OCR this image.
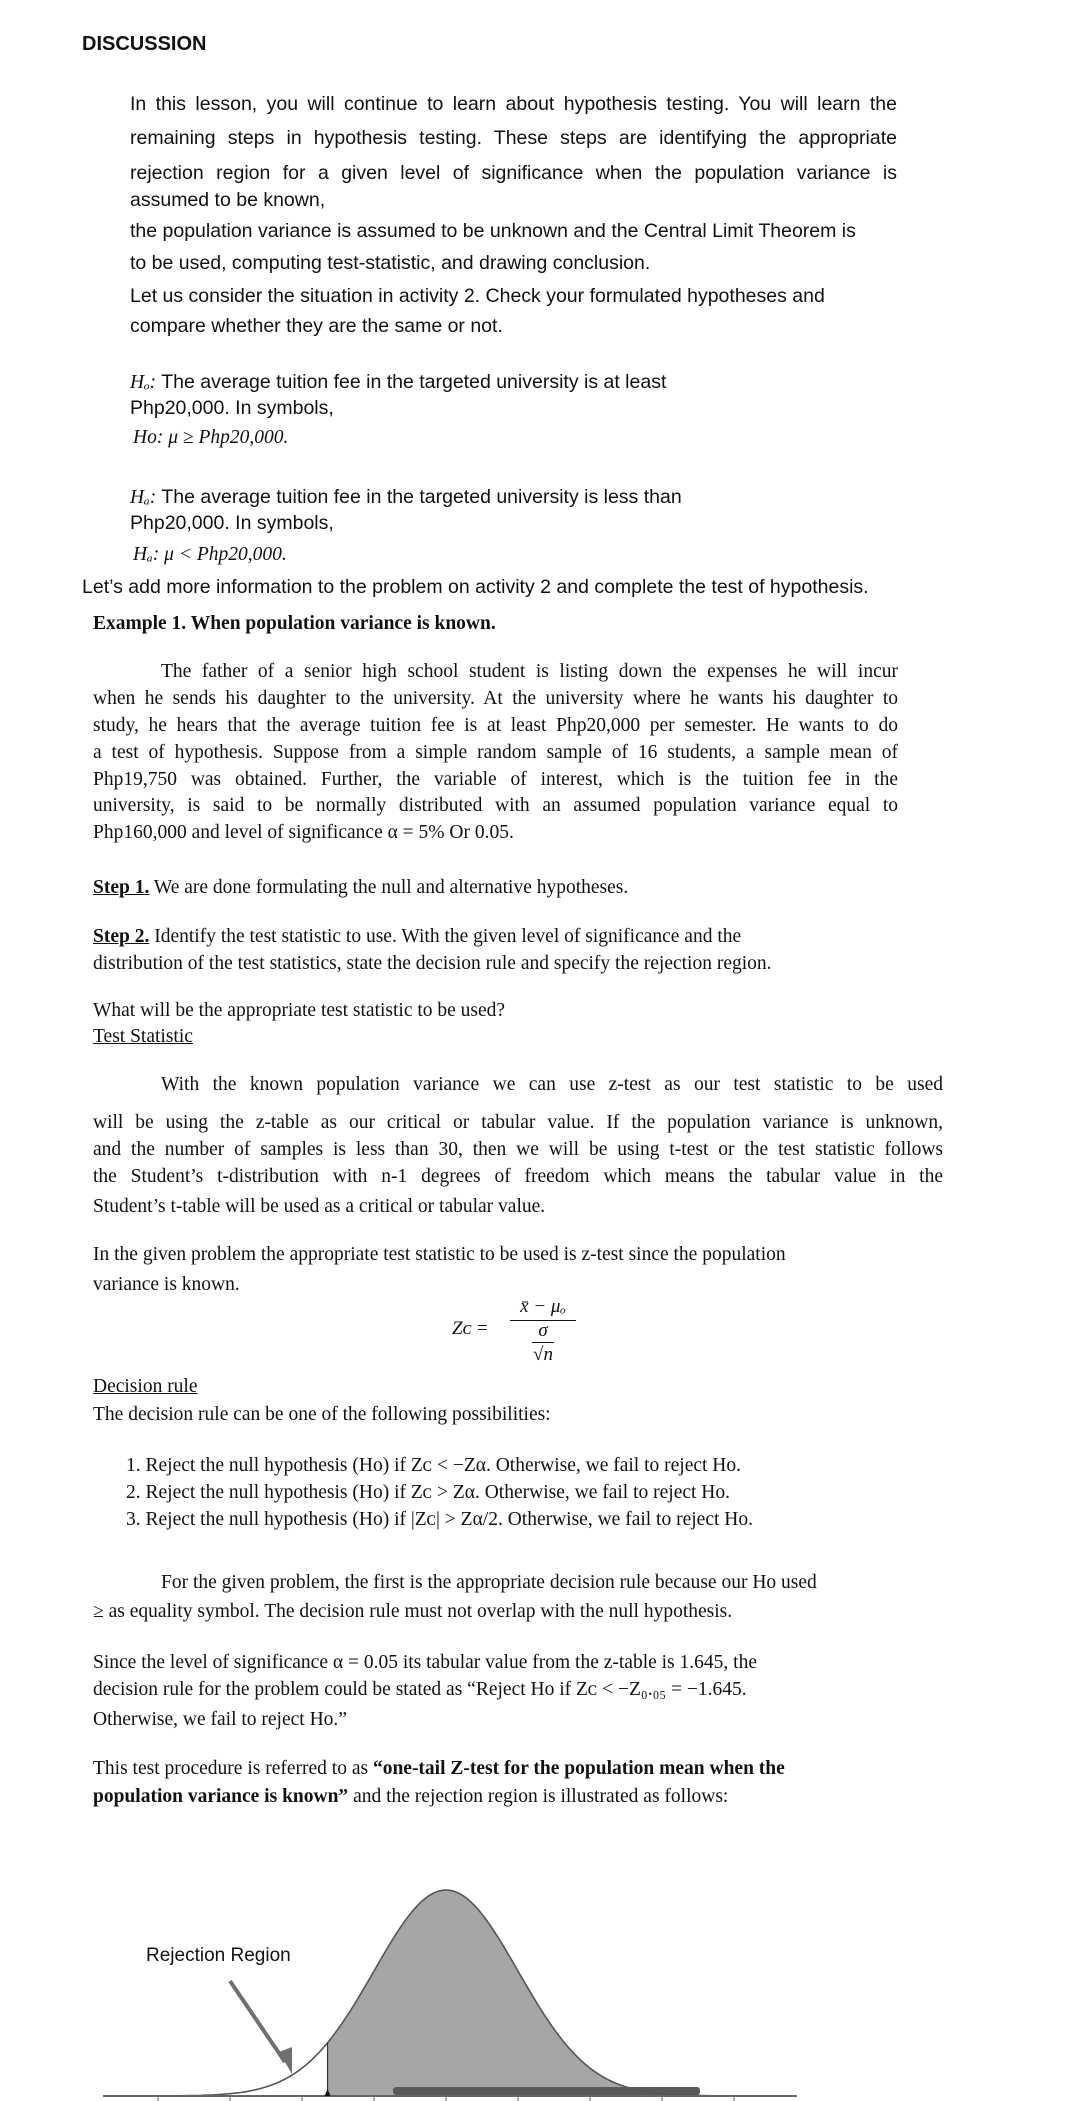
DISCUSSION
In this lesson, you will continue to learn about hypothesis testing. You will learn the
remaining steps in hypothesis testing. These steps are identifying the appropriate
rejection region for a given level of significance when the population variance is
assumed to be known,
the population variance is assumed to be unknown and the Central Limit Theorem is
to be used, computing test-statistic, and drawing conclusion.
Let us consider the situation in activity 2. Check your formulated hypotheses and
compare whether they are the same or not.
Hₒ: The average tuition fee in the targeted university is at least
Php20,000. In symbols,
Ho: μ ≥ Php20,000.
Hₐ: The average tuition fee in the targeted university is less than
Php20,000. In symbols,
Hₐ: μ < Php20,000.
Let’s add more information to the problem on activity 2 and complete the test of hypothesis.
Example 1. When population variance is known.
The father of a senior high school student is listing down the expenses he will incur
when he sends his daughter to the university. At the university where he wants his daughter to
study, he hears that the average tuition fee is at least Php20,000 per semester. He wants to do
a test of hypothesis. Suppose from a simple random sample of 16 students, a sample mean of
Php19,750 was obtained. Further, the variable of interest, which is the tuition fee in the
university, is said to be normally distributed with an assumed population variance equal to
Php160,000 and level of significance α = 5% Or 0.05.
Step 1. We are done formulating the null and alternative hypotheses.
Step 2. Identify the test statistic to use. With the given level of significance and the
distribution of the test statistics, state the decision rule and specify the rejection region.
What will be the appropriate test statistic to be used?
Test Statistic
With the known population variance we can use z-test as our test statistic to be used
will be using the z-table as our critical or tabular value. If the population variance is unknown,
and the number of samples is less than 30, then we will be using t-test or the test statistic follows
the Student’s t-distribution with n-1 degrees of freedom which means the tabular value in the
Student’s t-table will be used as a critical or tabular value.
In the given problem the appropriate test statistic to be used is z-test since the population
variance is known.
Zᴄ =
x̄ − μₒ
σ
√n
Decision rule
The decision rule can be one of the following possibilities:
1. Reject the null hypothesis (Ho) if Zᴄ < −Zα. Otherwise, we fail to reject Ho.
2. Reject the null hypothesis (Ho) if Zᴄ > Zα. Otherwise, we fail to reject Ho.
3. Reject the null hypothesis (Ho) if |Zᴄ| > Zα/2. Otherwise, we fail to reject Ho.
For the given problem, the first is the appropriate decision rule because our Ho used
≥ as equality symbol. The decision rule must not overlap with the null hypothesis.
Since the level of significance α = 0.05 its tabular value from the z-table is 1.645, the
decision rule for the problem could be stated as “Reject Ho if Zᴄ < −Z₀.₀₅ = −1.645.
Otherwise, we fail to reject Ho.”
This test procedure is referred to as “one-tail Z-test for the population mean when the
population variance is known” and the rejection region is illustrated as follows:
Rejection Region
